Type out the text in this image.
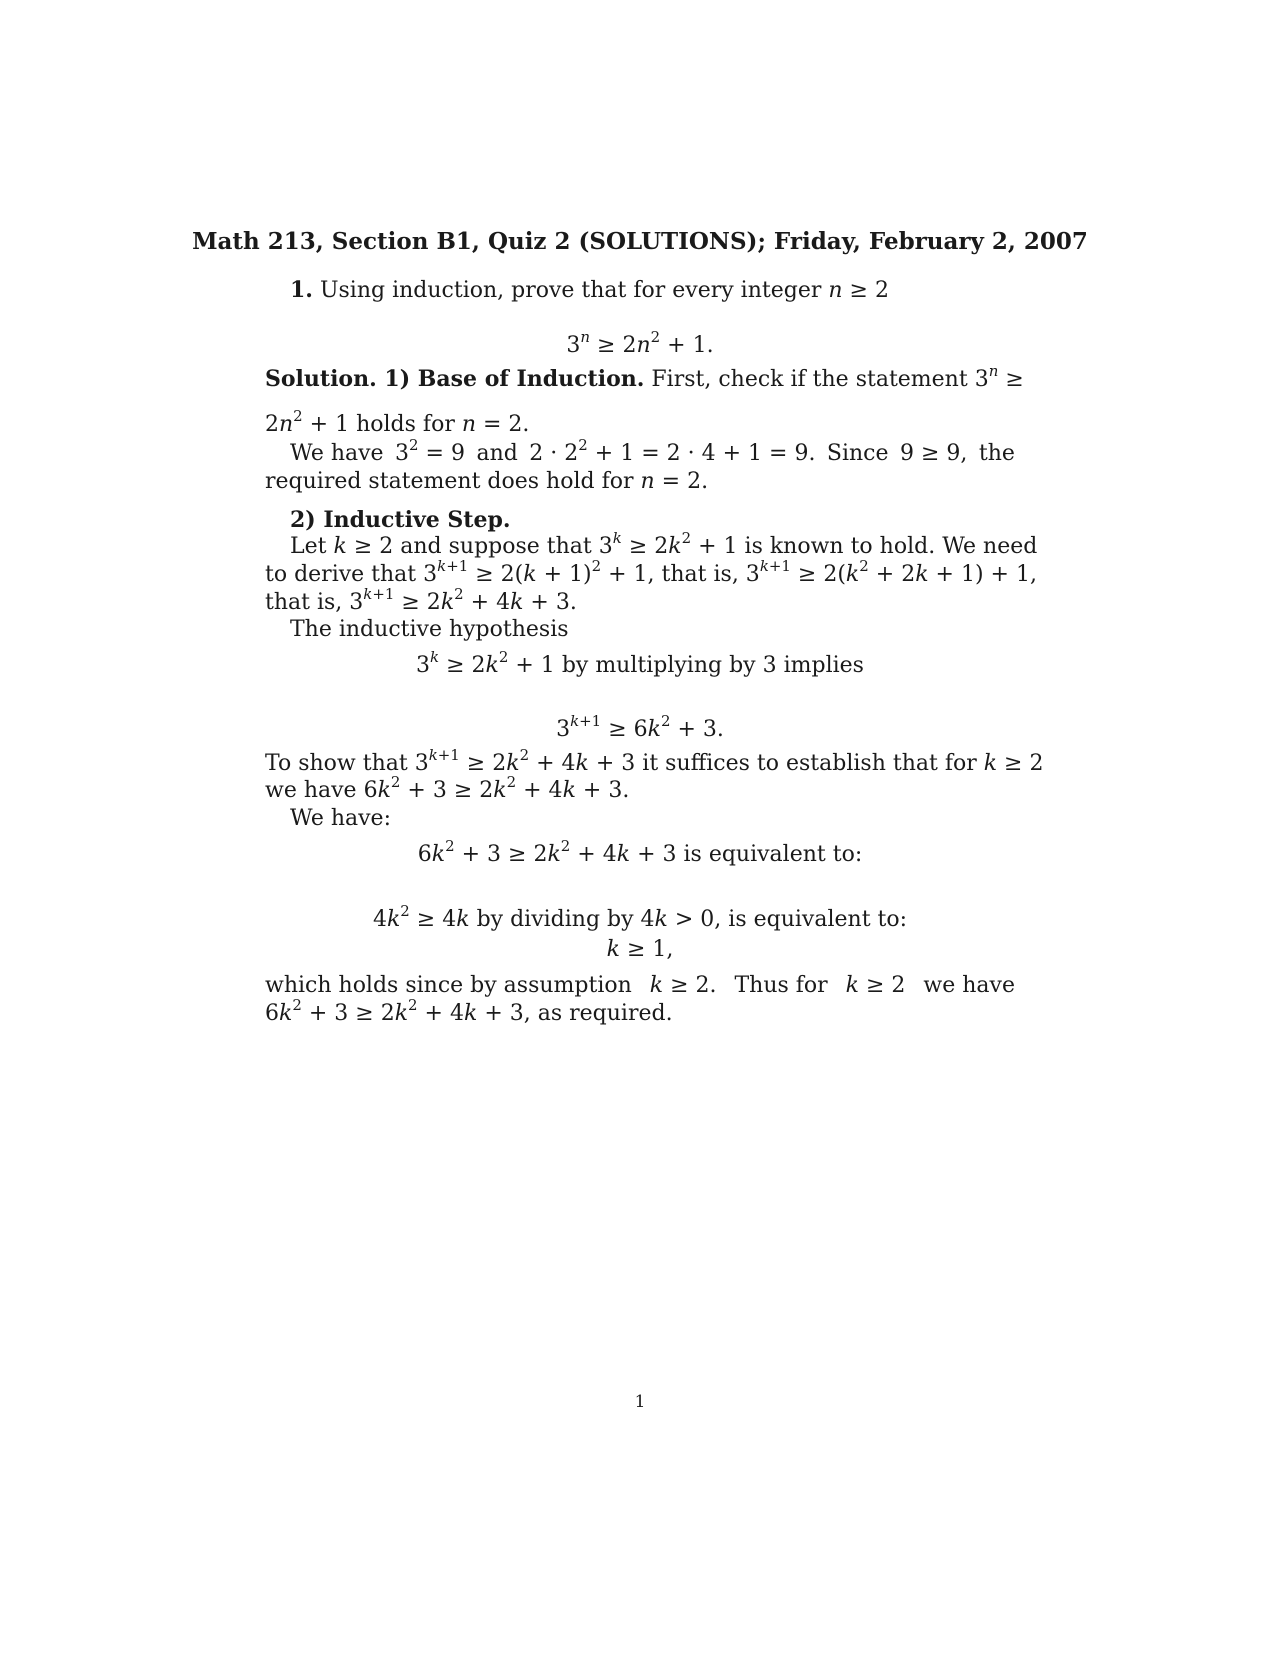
Math 213, Section B1, Quiz 2 (SOLUTIONS); Friday, February 2, 2007
1. Using induction, prove that for every integer n ≥ 2
$3^n \ge 2n^2 + 1$.
Solution. 1) Base of Induction. First, check if the statement $3^n$ ≥
$2n^2 + 1$ holds for n = 2.
We have $3^2 = 9$ and $2 \cdot 2^2 + 1 = 2 \cdot 4 + 1 = 9$. Since 9 ≥ 9, the
required statement does hold for n = 2.
2) Inductive Step.
Let k ≥ 2 and suppose that $3^k \ge 2k^2 + 1$ is known to hold. We need
to derive that $3^{k+1} \ge 2(k + 1)^2 + 1$, that is, $3^{k+1} \ge 2(k^2 + 2k + 1) + 1$,
that is, $3^{k+1} \ge 2k^2 + 4k + 3$.
The inductive hypothesis
$3^k \ge 2k^2 + 1$ by multiplying by 3 implies
$3^{k+1} \ge 6k^2 + 3$.
To show that $3^{k+1} \ge 2k^2 + 4k + 3$ it suffices to establish that for k ≥ 2
we have $6k^2 + 3 \ge 2k^2 + 4k + 3$.
We have:
$6k^2 + 3 \ge 2k^2 + 4k + 3$ is equivalent to:
$4k^2 \ge 4k$ by dividing by 4k > 0, is equivalent to:
k ≥ 1,
which holds since by assumption k ≥ 2. Thus for k ≥ 2 we have
$6k^2 + 3 \ge 2k^2 + 4k + 3$, as required.
1
